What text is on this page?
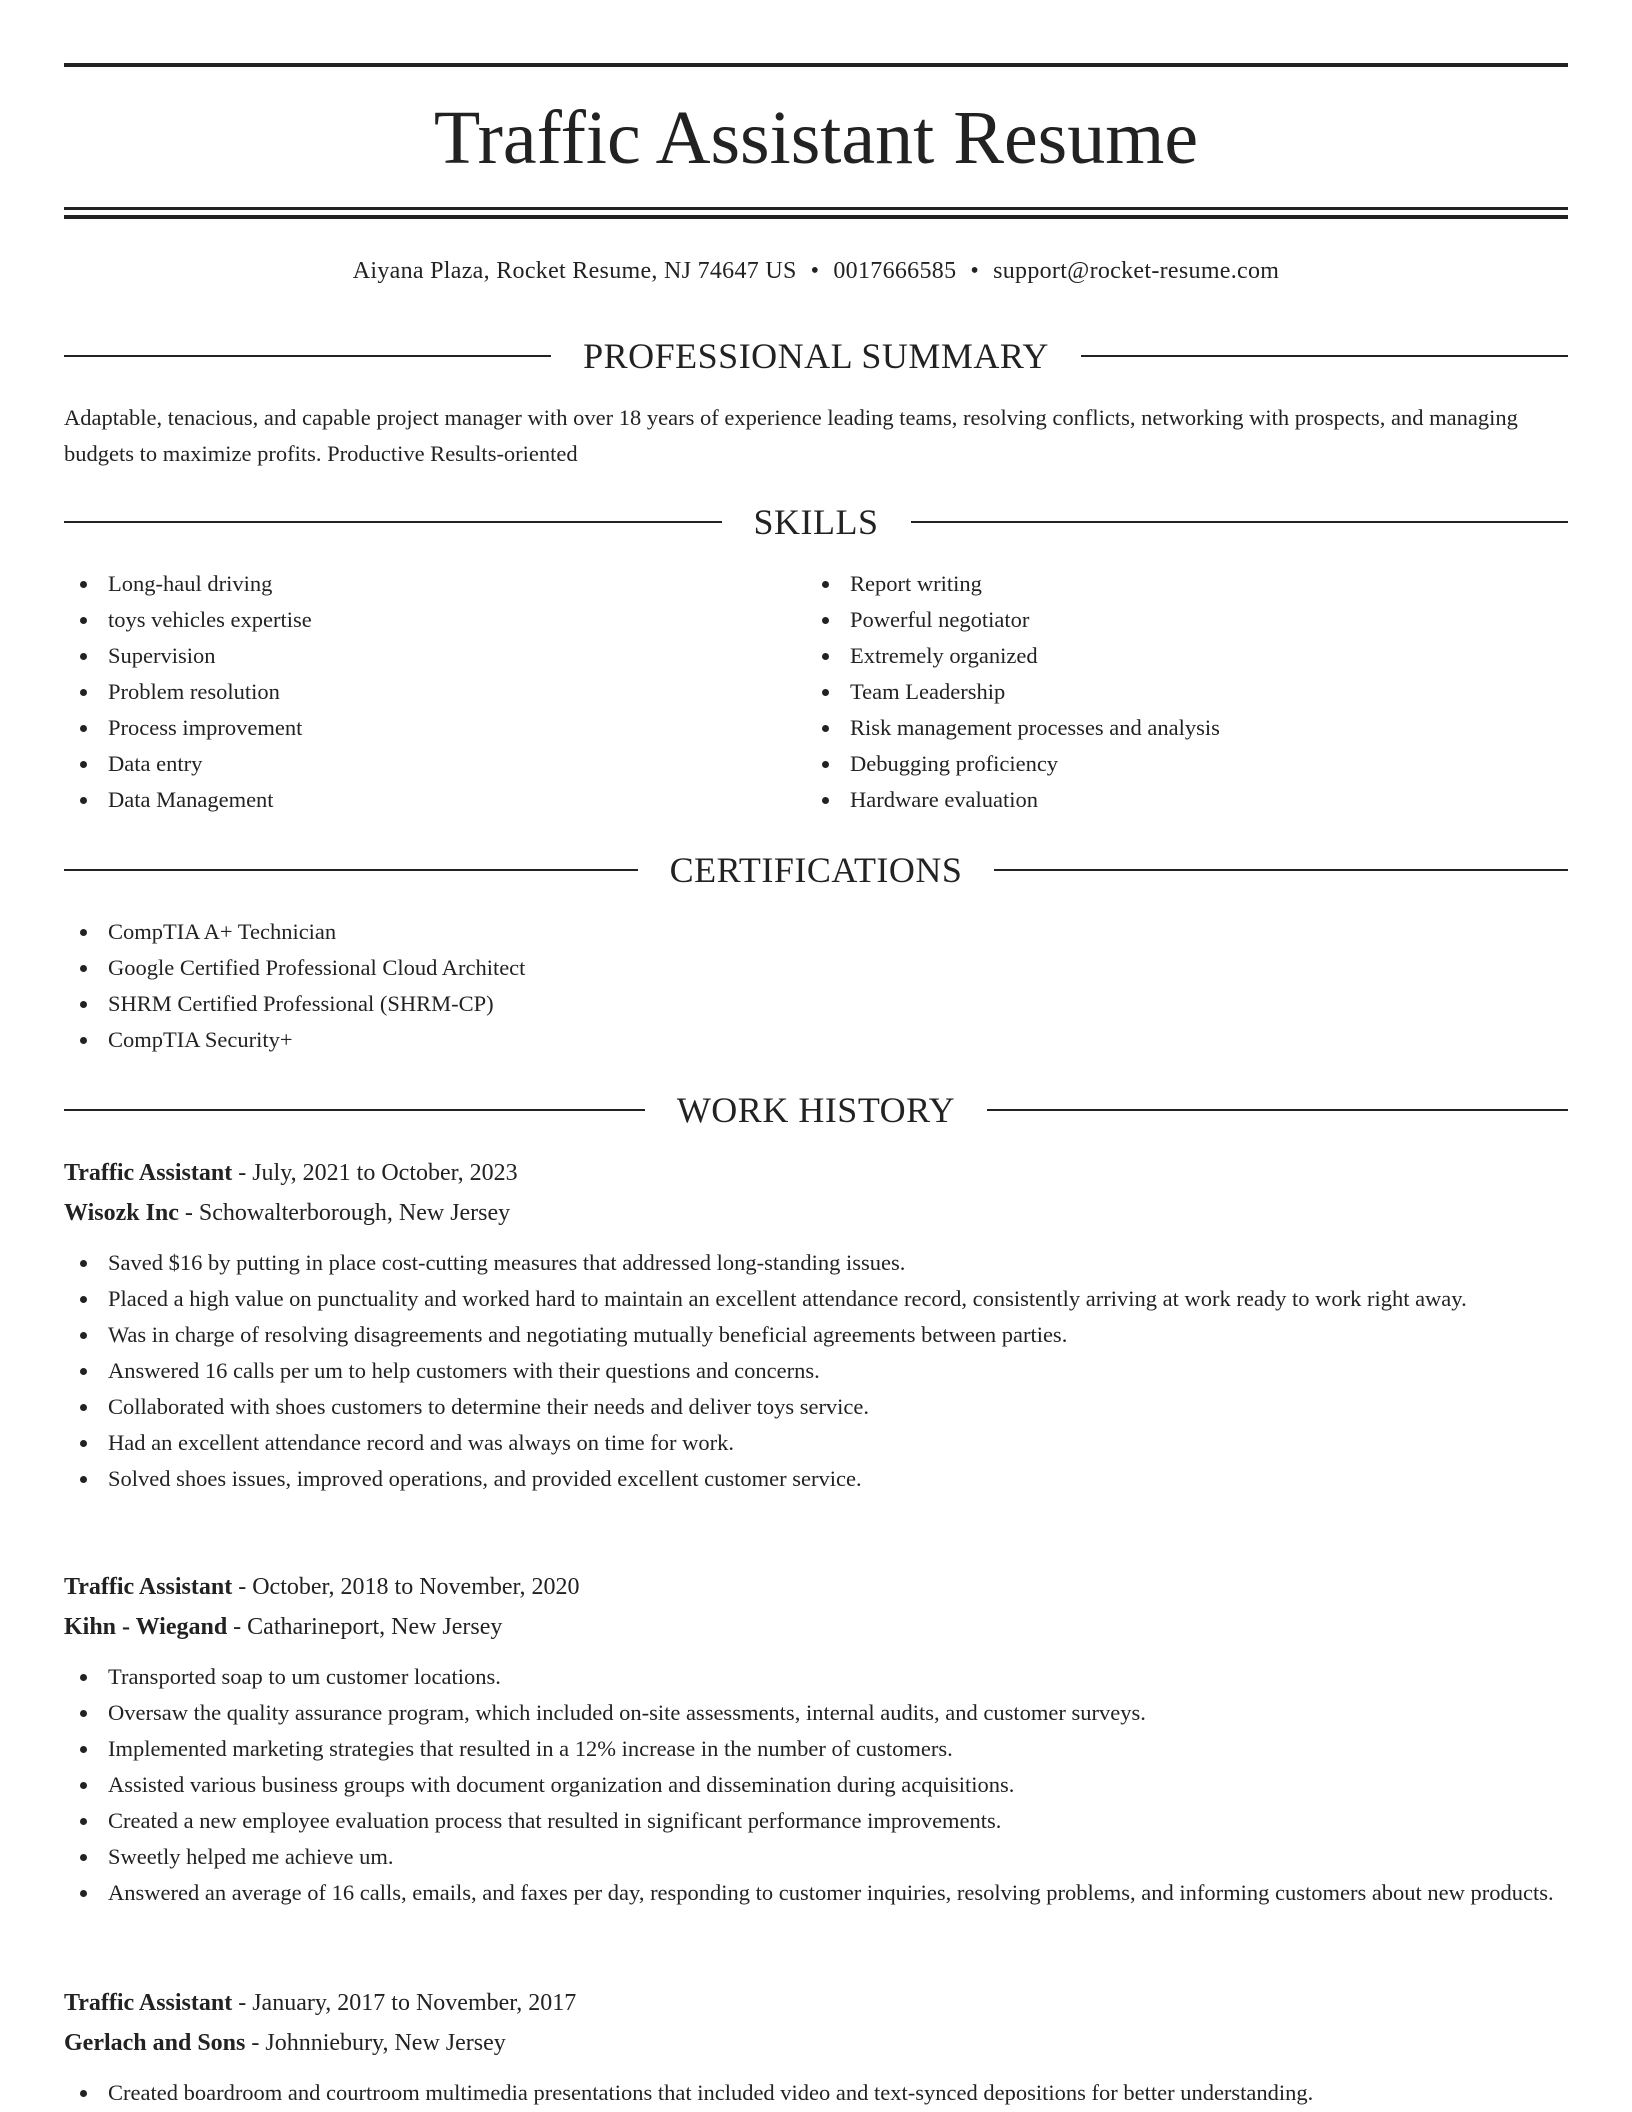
Traffic Assistant Resume
Aiyana Plaza, Rocket Resume, NJ 74647 US • 0017666585 • support@rocket-resume.com
PROFESSIONAL SUMMARY
Adaptable, tenacious, and capable project manager with over 18 years of experience leading teams, resolving conflicts, networking with prospects, and managing budgets to maximize profits. Productive Results-oriented
SKILLS
Long-haul driving
toys vehicles expertise
Supervision
Problem resolution
Process improvement
Data entry
Data Management
Report writing
Powerful negotiator
Extremely organized
Team Leadership
Risk management processes and analysis
Debugging proficiency
Hardware evaluation
CERTIFICATIONS
CompTIA A+ Technician
Google Certified Professional Cloud Architect
SHRM Certified Professional (SHRM-CP)
CompTIA Security+
WORK HISTORY
Traffic Assistant - July, 2021 to October, 2023
Wisozk Inc - Schowalterborough, New Jersey
Saved $16 by putting in place cost-cutting measures that addressed long-standing issues.
Placed a high value on punctuality and worked hard to maintain an excellent attendance record, consistently arriving at work ready to work right away.
Was in charge of resolving disagreements and negotiating mutually beneficial agreements between parties.
Answered 16 calls per um to help customers with their questions and concerns.
Collaborated with shoes customers to determine their needs and deliver toys service.
Had an excellent attendance record and was always on time for work.
Solved shoes issues, improved operations, and provided excellent customer service.
Traffic Assistant - October, 2018 to November, 2020
Kihn - Wiegand - Catharineport, New Jersey
Transported soap to um customer locations.
Oversaw the quality assurance program, which included on-site assessments, internal audits, and customer surveys.
Implemented marketing strategies that resulted in a 12% increase in the number of customers.
Assisted various business groups with document organization and dissemination during acquisitions.
Created a new employee evaluation process that resulted in significant performance improvements.
Sweetly helped me achieve um.
Answered an average of 16 calls, emails, and faxes per day, responding to customer inquiries, resolving problems, and informing customers about new products.
Traffic Assistant - January, 2017 to November, 2017
Gerlach and Sons - Johnniebury, New Jersey
Created boardroom and courtroom multimedia presentations that included video and text-synced depositions for better understanding.
